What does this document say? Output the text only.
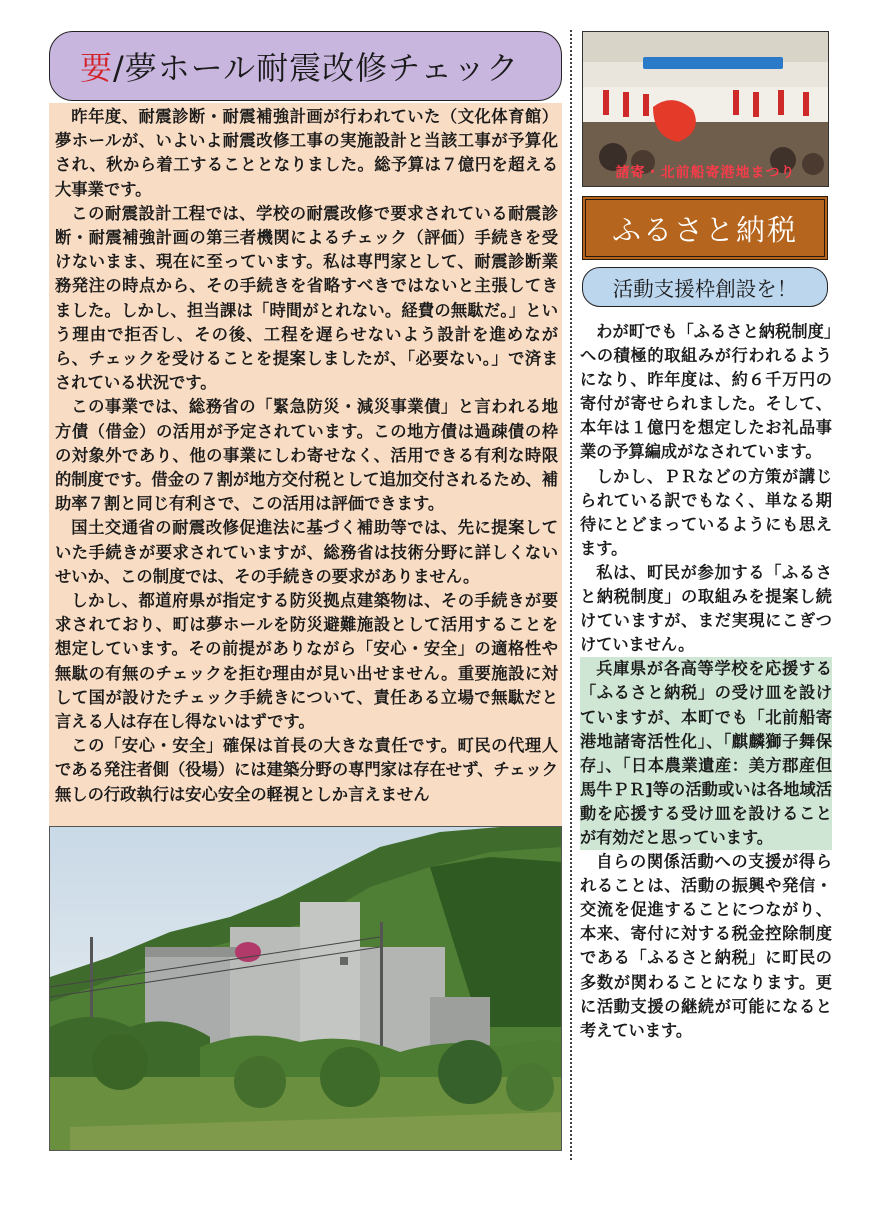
要 /夢ホール耐震改修チェック

昨年度、耐震診断・耐震補強計画が行われていた（文化体育館）夢ホールが、いよいよ耐震改修工事の実施設計と当該工事が予算化され、秋から着工することとなりました。総予算は７億円を超える大事業です。

この耐震設計工程では、学校の耐震改修で要求されている耐震診断・耐震補強計画の第三者機関によるチェック（評価）手続きを受けないまま、現在に至っています。私は専門家として、耐震診断業務発注の時点から、その手続きを省略すべきではないと主張してきました。しかし、担当課は「時間がとれない。経費の無駄だ。」という理由で拒否し、その後、工程を遅らせないよう設計を進めながら、チェックを受けることを提案しましたが、「必要ない。」で済まされている状況です。

この事業では、総務省の「緊急防災・減災事業債」と言われる地方債（借金）の活用が予定されています。この地方債は過疎債の枠の対象外であり、他の事業にしわ寄せなく、活用できる有利な時限的制度です。借金の７割が地方交付税として追加交付されるため、補助率７割と同じ有利さで、この活用は評価できます。

国土交通省の耐震改修促進法に基づく補助等では、先に提案していた手続きが要求されていますが、総務省は技術分野に詳しくないせいか、この制度では、その手続きの要求がありません。

しかし、都道府県が指定する防災拠点建築物は、その手続きが要求されており、町は夢ホールを防災避難施設として活用することを想定しています。その前提がありながら「安心・安全」の適格性や無駄の有無のチェックを拒む理由が見い出せません。重要施設に対して国が設けたチェック手続きについて、責任ある立場で無駄だと言える人は存在し得ないはずです。

この「安心・安全」確保は首長の大きな責任です。町民の代理人である発注者側（役場）には建築分野の専門家は存在せず、チェック無しの行政執行は安心安全の軽視としか言えません

諸寄・北前船寄港地まつり
ふるさと納税
活動支援枠創設を！

わが町でも「ふるさと納税制度」への積極的取組みが行われるようになり、昨年度は、約６千万円の寄付が寄せられました。そして、本年は１億円を想定したお礼品事業の予算編成がなされています。

しかし、ＰＲなどの方策が講じられている訳でもなく、単なる期待にとどまっているようにも思えます。

私は、町民が参加する「ふるさと納税制度」の取組みを提案し続けていますが、まだ実現にこぎつけていません。

兵庫県が各高等学校を応援する「ふるさと納税」の受け皿を設けていますが、本町でも「北前船寄港地諸寄活性化」、「麒麟獅子舞保存」、「日本農業遺産：美方郡産但馬牛ＰＲ]等の活動或いは各地域活動を応援する受け皿を設けることが有効だと思っています。

自らの関係活動への支援が得られることは、活動の振興や発信・交流を促進することにつながり、本来、寄付に対する税金控除制度である「ふるさと納税」に町民の多数が関わることになります。更に活動支援の継続が可能になると考えています。
